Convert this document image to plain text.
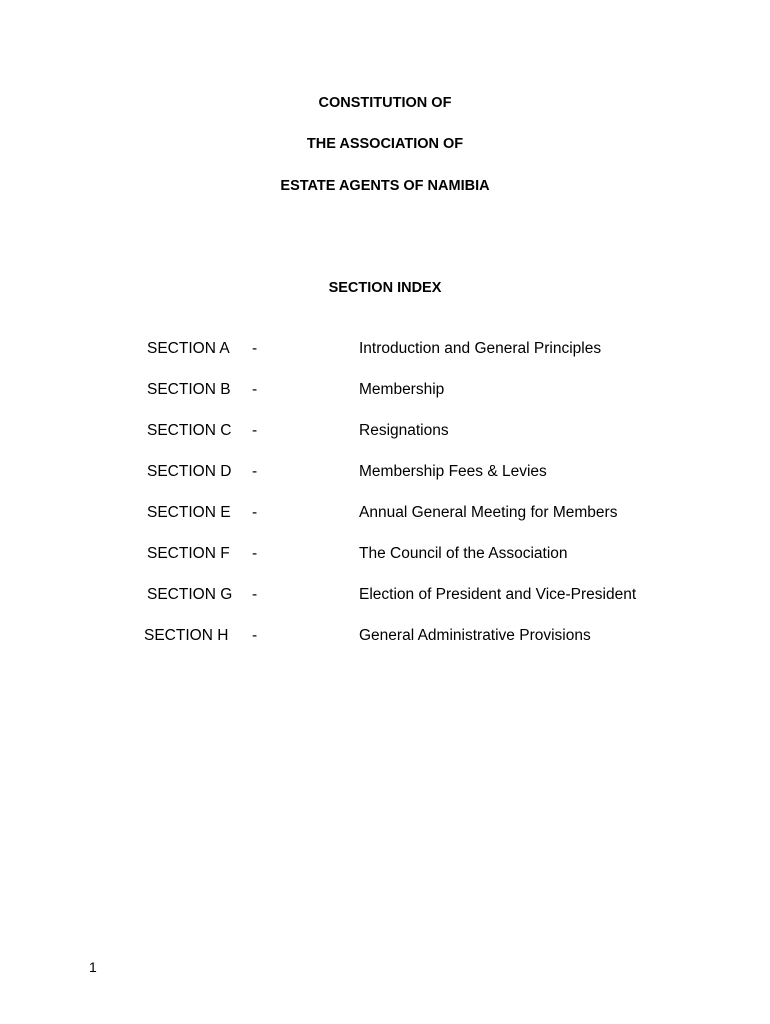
CONSTITUTION OF
THE ASSOCIATION OF
ESTATE AGENTS OF NAMIBIA
SECTION INDEX
SECTION A -	Introduction and General Principles
SECTION B -	Membership
SECTION C -	Resignations
SECTION D -	Membership Fees & Levies
SECTION E -	Annual General Meeting for Members
SECTION F -	The Council of the Association
SECTION G -	Election of President and Vice-President
SECTION H -	General Administrative Provisions
1
